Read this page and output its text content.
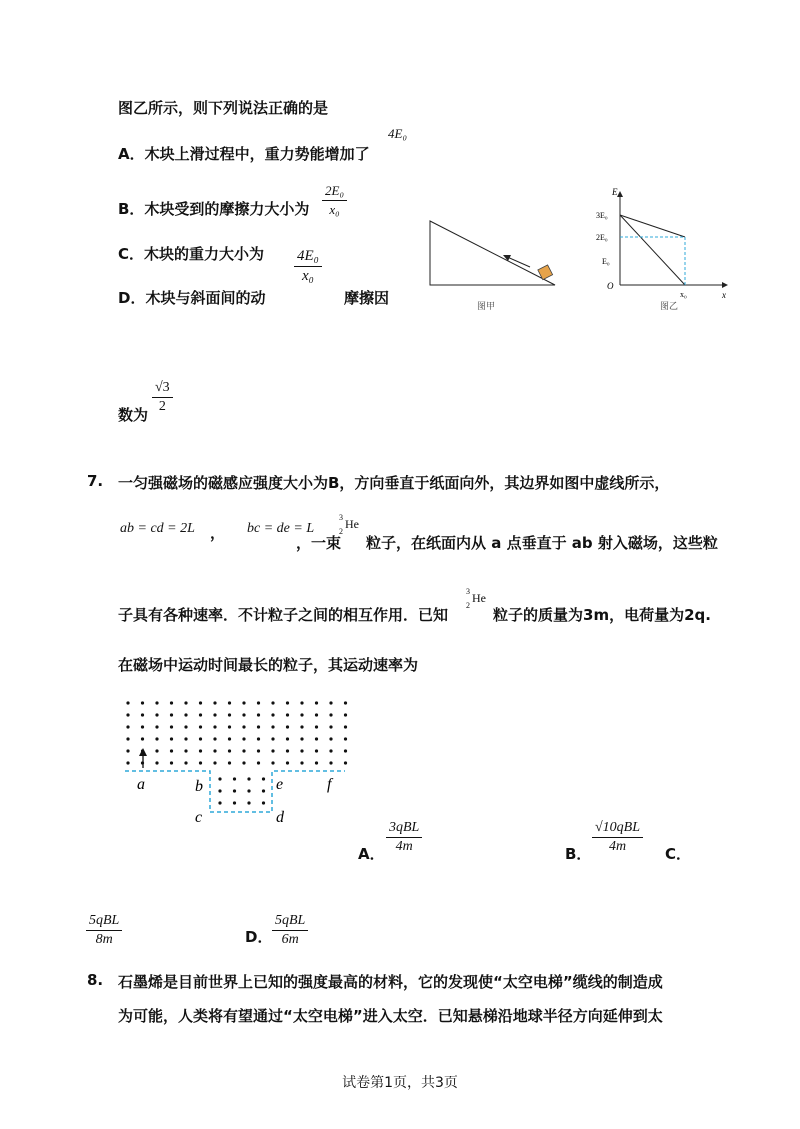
图乙所示，则下列说法正确的是
A．木块上滑过程中，重力势能增加了
4E₀
B．木块受到的摩擦力大小为 $\frac{\text{2E₀}}{\text{x₀}}$
C．木块的重力大小为 $\frac{\text{4E₀}}{\text{x₀}}$
D．木块与斜面间的动	摩擦因
数为 $\frac{√3}{2}$
图甲
E
x
O
3E₀
2E₀
E₀
x₀
图乙
7. 一匀强磁场的磁感应强度大小为B，方向垂直于纸面向外，其边界如图中虚线所示，
ab = cd = 2L ， bc = de = L
，一束
3
2
He
粒子，在纸面内从 a 点垂直于 ab 射入磁场，这些粒
子具有各种速率．不计粒子之间的相互作用．已知
3
2
He
粒子的质量为3m，电荷量为2q.
在磁场中运动时间最长的粒子，其运动速率为
a	b
c	d
e	f
A．
3qBL
4m	B．
√10qBL
4m	C．
5qBL
8m	D．
5qBL
6m
8. 石墨烯是目前世界上已知的强度最高的材料，它的发现使“太空电梯”缆线的制造成
为可能，人类将有望通过“太空电梯”进入太空．已知悬梯沿地球半径方向延伸到太
试卷第1页，共3页
